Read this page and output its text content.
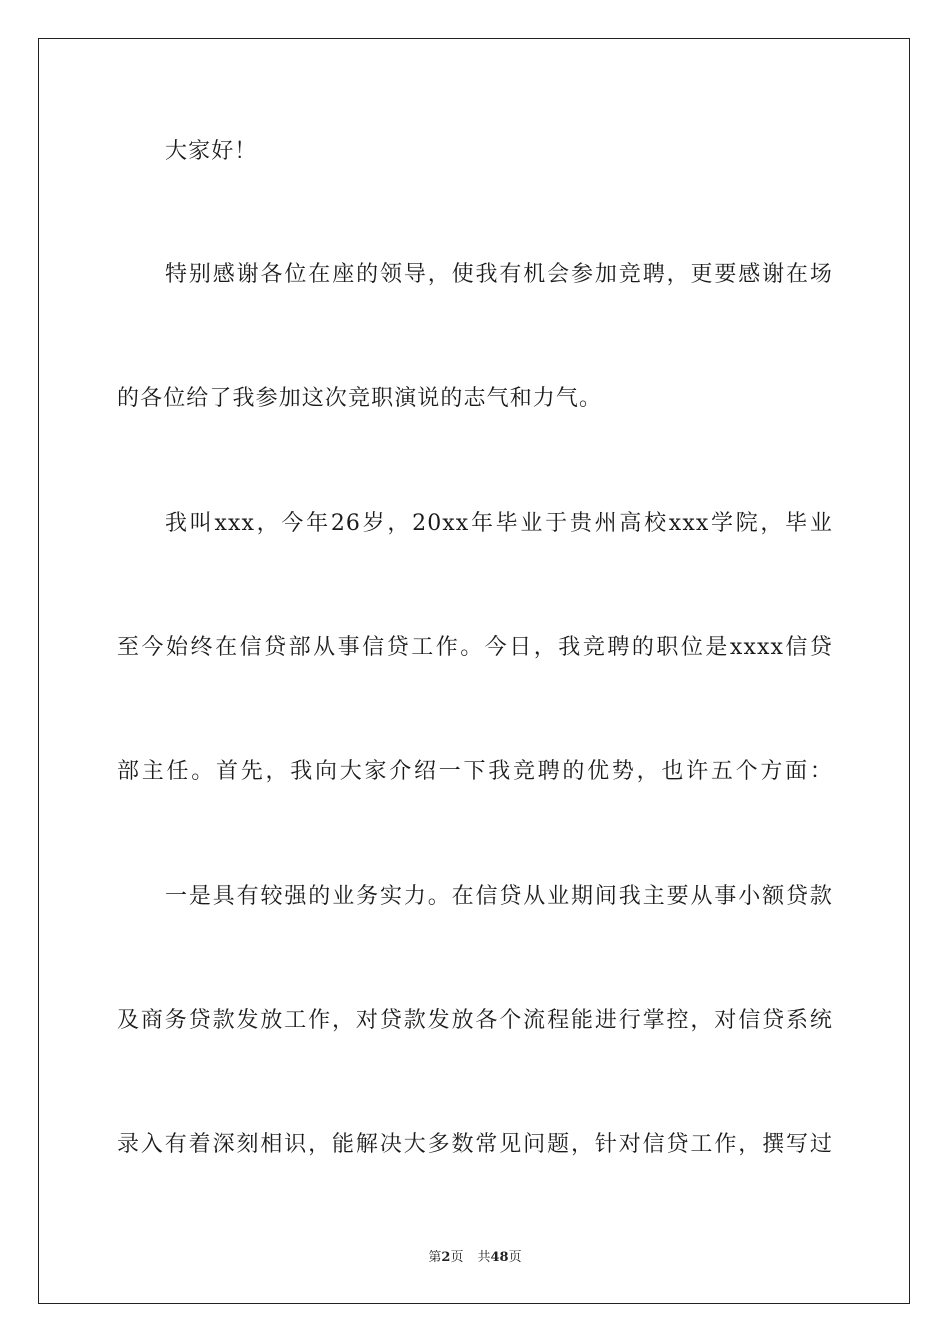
大家好！
特别感谢各位在座的领导，使我有机会参加竞聘，更要感谢在场
的各位给了我参加这次竞职演说的志气和力气。
我叫xxx，今年26岁，20xx年毕业于贵州高校xxx学院，毕业
至今始终在信贷部从事信贷工作。今日，我竞聘的职位是xxxx信贷
部主任。首先，我向大家介绍一下我竞聘的优势，也许五个方面：
一是具有较强的业务实力。在信贷从业期间我主要从事小额贷款
及商务贷款发放工作，对贷款发放各个流程能进行掌控，对信贷系统
录入有着深刻相识，能解决大多数常见问题，针对信贷工作，撰写过
第2页 共48页
